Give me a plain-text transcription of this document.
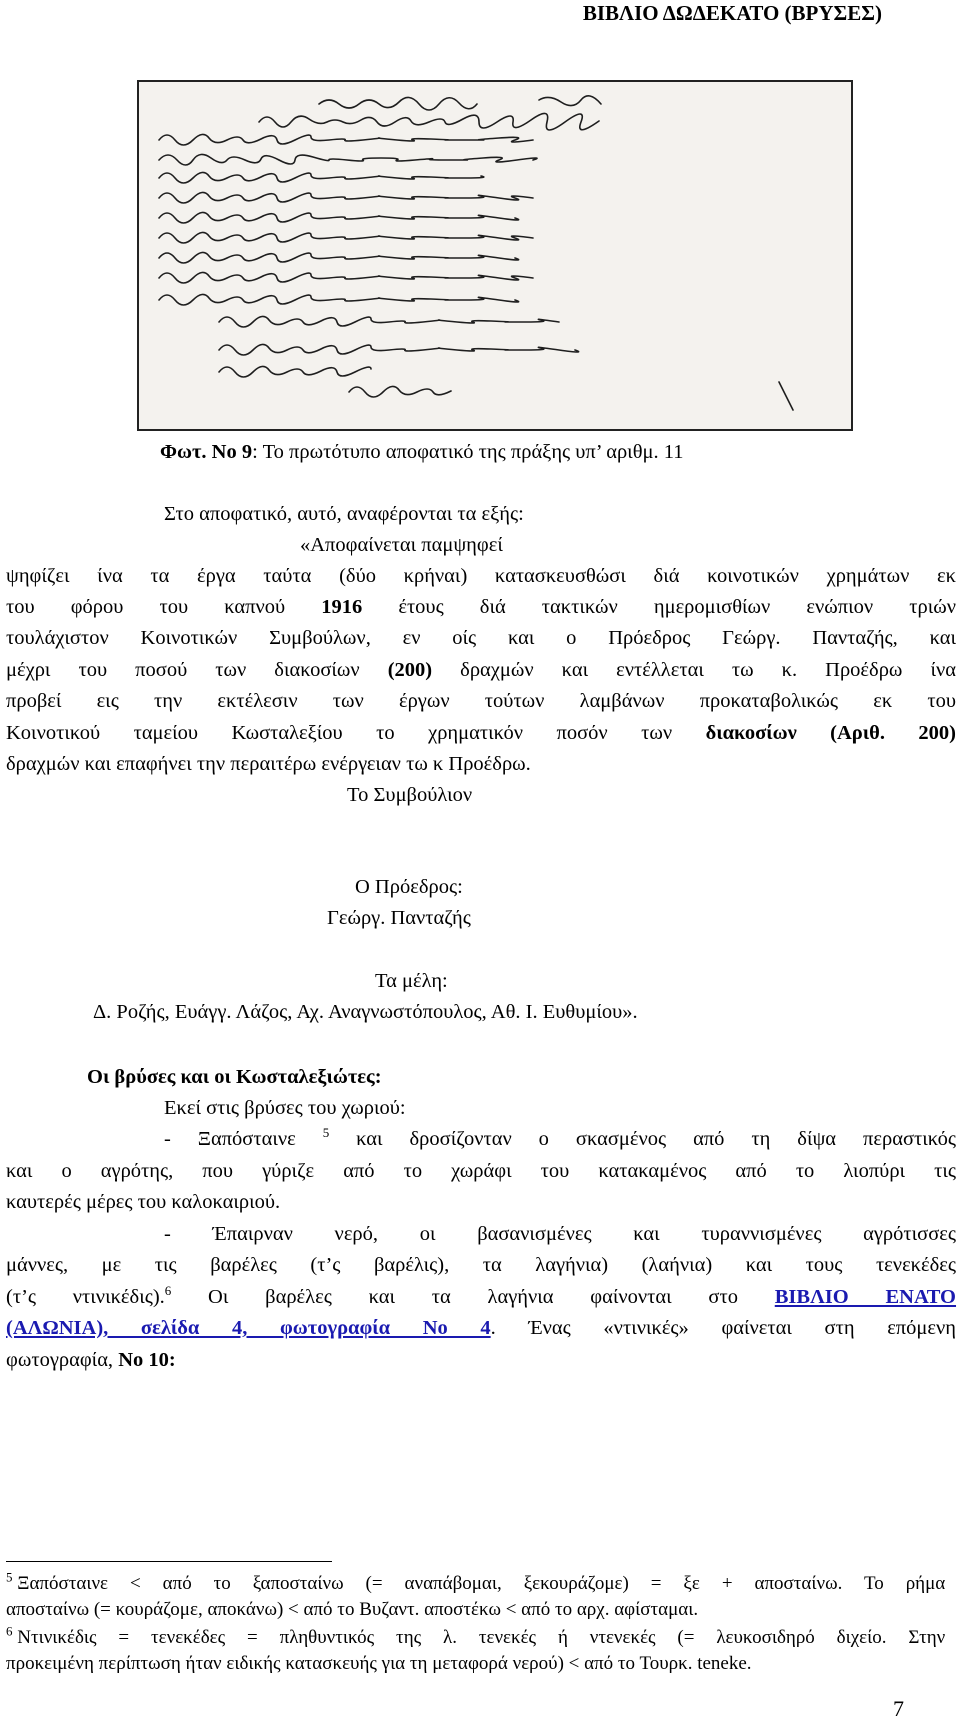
ΒΙΒΛΙΟ ΔΩΔΕΚΑΤΟ (ΒΡΥΣΕΣ)
Φωτ. Νο 9: Το πρωτότυπο αποφατικό της πράξης υπ’ αριθμ. 11
Στο αποφατικό, αυτό, αναφέρονται τα εξής:
«Αποφαίνεται παμψηφεί
ψηφίζει ίνα τα έργα ταύτα (δύο κρήναι) κατασκευσθώσι διά κοινοτικών χρημάτων εκ
του φόρου του καπνού 1916 έτους διά τακτικών ημερομισθίων ενώπιον τριών
τουλάχιστον Κοινοτικών Συμβούλων, εν οίς και ο Πρόεδρος Γεώργ. Πανταζής, και
μέχρι του ποσού των διακοσίων (200) δραχμών και εντέλλεται τω κ. Προέδρω ίνα
προβεί εις την εκτέλεσιν των έργων τούτων λαμβάνων προκαταβολικώς εκ του
Κοινοτικού ταμείου Κωσταλεξίου το χρηματικόν ποσόν των διακοσίων (Αριθ. 200)
δραχμών και επαφήνει την περαιτέρω ενέργειαν τω κ Προέδρω.
Το Συμβούλιον
Ο Πρόεδρος:
Γεώργ. Πανταζής
Τα μέλη:
Δ. Ροζής, Ευάγγ. Λάζος, Αχ. Αναγνωστόπουλος, Αθ. Ι. Ευθυμίου».
Οι βρύσες και οι Κωσταλεξιώτες:
Εκεί στις βρύσες του χωριού:
- Ξαπόσταινε $^5$ και δροσίζονταν ο σκασμένος από τη δίψα περαστικός
και ο αγρότης, που γύριζε από το χωράφι του κατακαμένος από το λιοπύρι τις
καυτερές μέρες του καλοκαιριού.
- Έπαιρναν νερό, οι βασανισμένες και τυραννισμένες αγρότισσες
μάννες, με τις βαρέλες (τ’ς βαρέλις), τα λαγήνια) (λαήνια) και τους τενεκέδες
(τ’ς ντινικέδις).$^6$ Οι βαρέλες και τα λαγήνια φαίνονται στο ΒΙΒΛΙΟ ΕΝΑΤΟ
(ΑΛΩΝΙΑ), σελίδα 4, φωτογραφία Νο 4. Ένας «ντινικές» φαίνεται στη επόμενη
φωτογραφία, Νο 10:
$^5$ Ξαπόσταινε < από το ξαποσταίνω (= αναπάβομαι, ξεκουράζομε) = ξε + αποσταίνω. Το ρήμα
αποσταίνω (= κουράζομε, αποκάνω) < από το Βυζαντ. αποστέκω < από το αρχ. αφίσταμαι.
$^6$ Ντινικέδις = τενεκέδες = πληθυντικός της λ. τενεκές ή ντενεκές (= λευκοσιδηρό διχείο. Στην
προκειμένη περίπτωση ήταν ειδικής κατασκευής για τη μεταφορά νερού) < από το Τουρκ. teneke.
7
